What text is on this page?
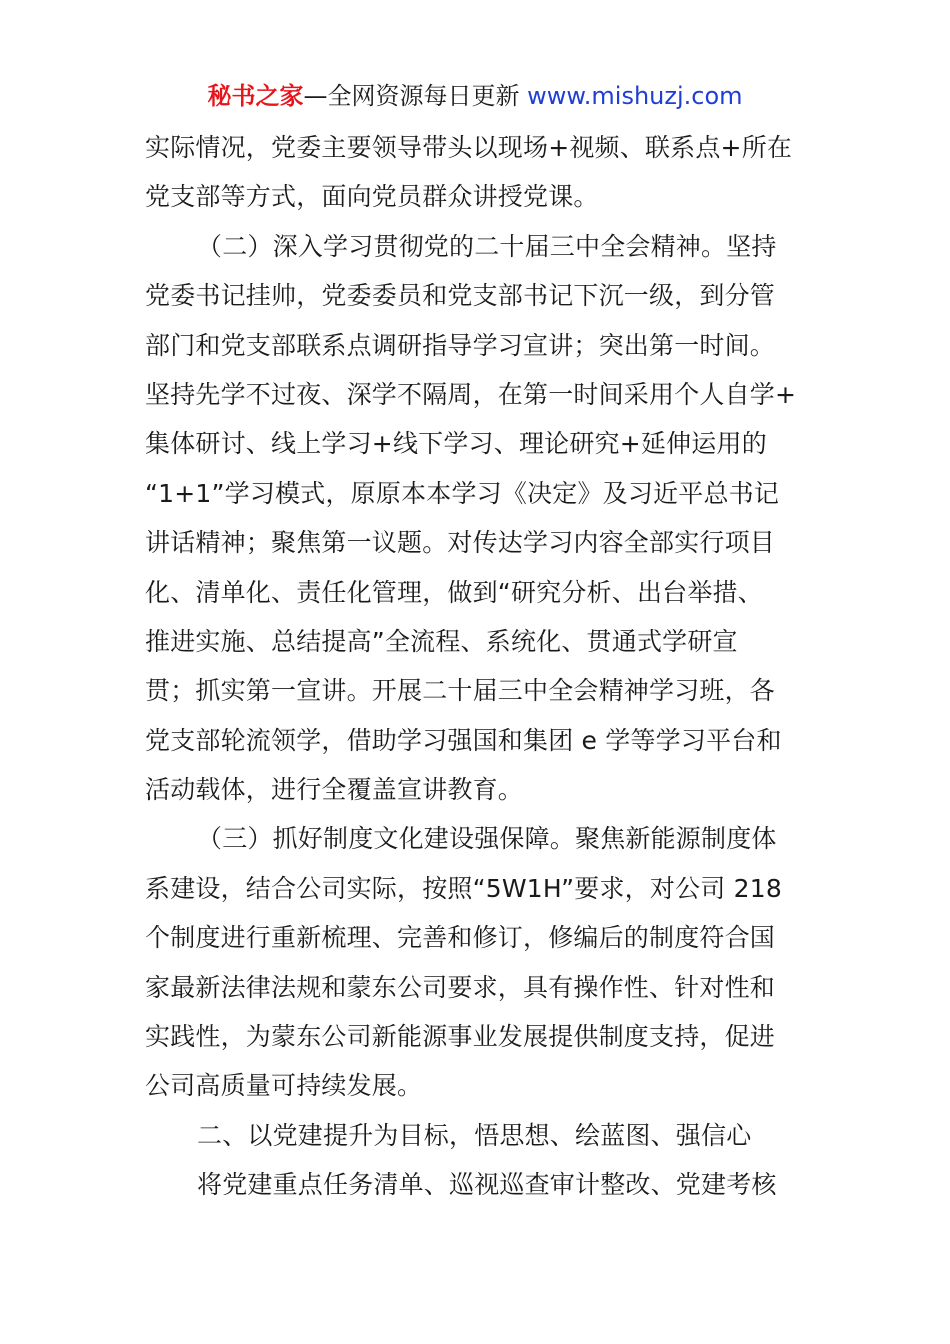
秘书之家—全网资源每日更新 www.mishuzj.com
实际情况，党委主要领导带头以现场+视频、联系点+所在
党支部等方式，面向党员群众讲授党课。
（二）深入学习贯彻党的二十届三中全会精神。坚持
党委书记挂帅，党委委员和党支部书记下沉一级，到分管
部门和党支部联系点调研指导学习宣讲；突出第一时间。
坚持先学不过夜、深学不隔周，在第一时间采用个人自学+
集体研讨、线上学习+线下学习、理论研究+延伸运用的
“1+1”学习模式，原原本本学习《决定》及习近平总书记
讲话精神；聚焦第一议题。对传达学习内容全部实行项目
化、清单化、责任化管理，做到“研究分析、出台举措、
推进实施、总结提高”全流程、系统化、贯通式学研宣
贯；抓实第一宣讲。开展二十届三中全会精神学习班，各
党支部轮流领学，借助学习强国和集团 e 学等学习平台和
活动载体，进行全覆盖宣讲教育。
（三）抓好制度文化建设强保障。聚焦新能源制度体
系建设，结合公司实际，按照“5W1H”要求，对公司 218
个制度进行重新梳理、完善和修订，修编后的制度符合国
家最新法律法规和蒙东公司要求，具有操作性、针对性和
实践性，为蒙东公司新能源事业发展提供制度支持，促进
公司高质量可持续发展。
二、以党建提升为目标，悟思想、绘蓝图、强信心
将党建重点任务清单、巡视巡查审计整改、党建考核
